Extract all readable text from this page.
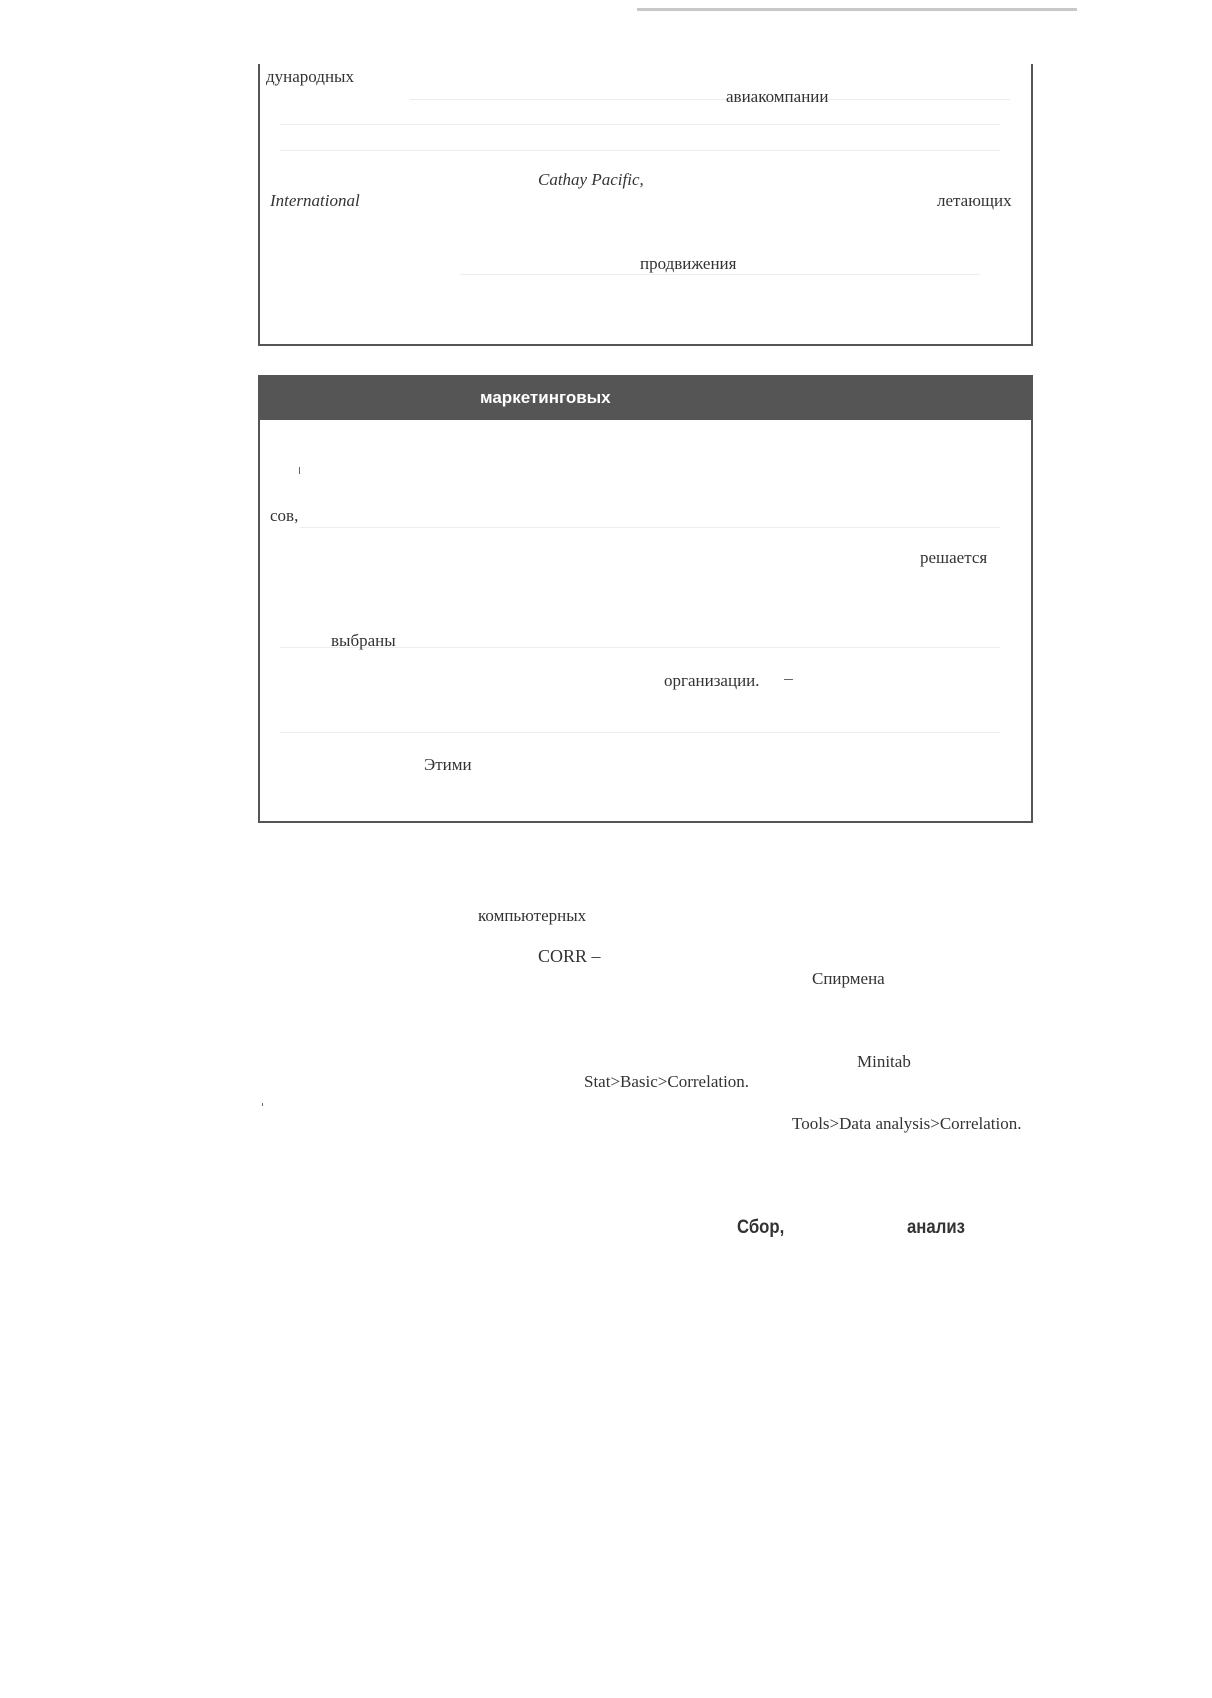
дународных
авиакомпании
Cathay Pacific,
International	летающих
продвижения
маркетинговых
сов,
решается
выбраны
организации.
Этими
компьютерных
CORR –
Спирмена
Minitab
Stat>Basic>Correlation.
Tools>Data analysis>Correlation.
Сбор,	анализ
